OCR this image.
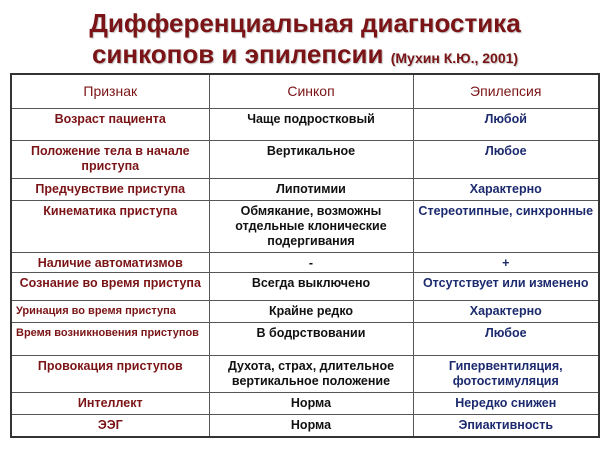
Дифференциальная диагностика
синкопов и эпилепсии (Мухин К.Ю., 2001)
Признак	Синкоп	Эпилепсия
Возраст пациента	Чаще подростковый	Любой
Положение тела в начале приступа	Вертикальное	Любое
Предчувствие приступа	Липотимии	Характерно
Кинематика приступа	Обмякание, возможны отдельные клонические подергивания	Стереотипные, синхронные
Наличие автоматизмов	-	+
Сознание во время приступа	Всегда выключено	Отсутствует или изменено
Уринация во время приступа	Крайне редко	Характерно
Время возникновения приступов	В бодрствовании	Любое
Провокация приступов	Духота, страх, длительное вертикальное положение	Гипервентиляция, фотостимуляция
Интеллект	Норма	Нередко снижен
ЭЭГ	Норма	Эпиактивность
